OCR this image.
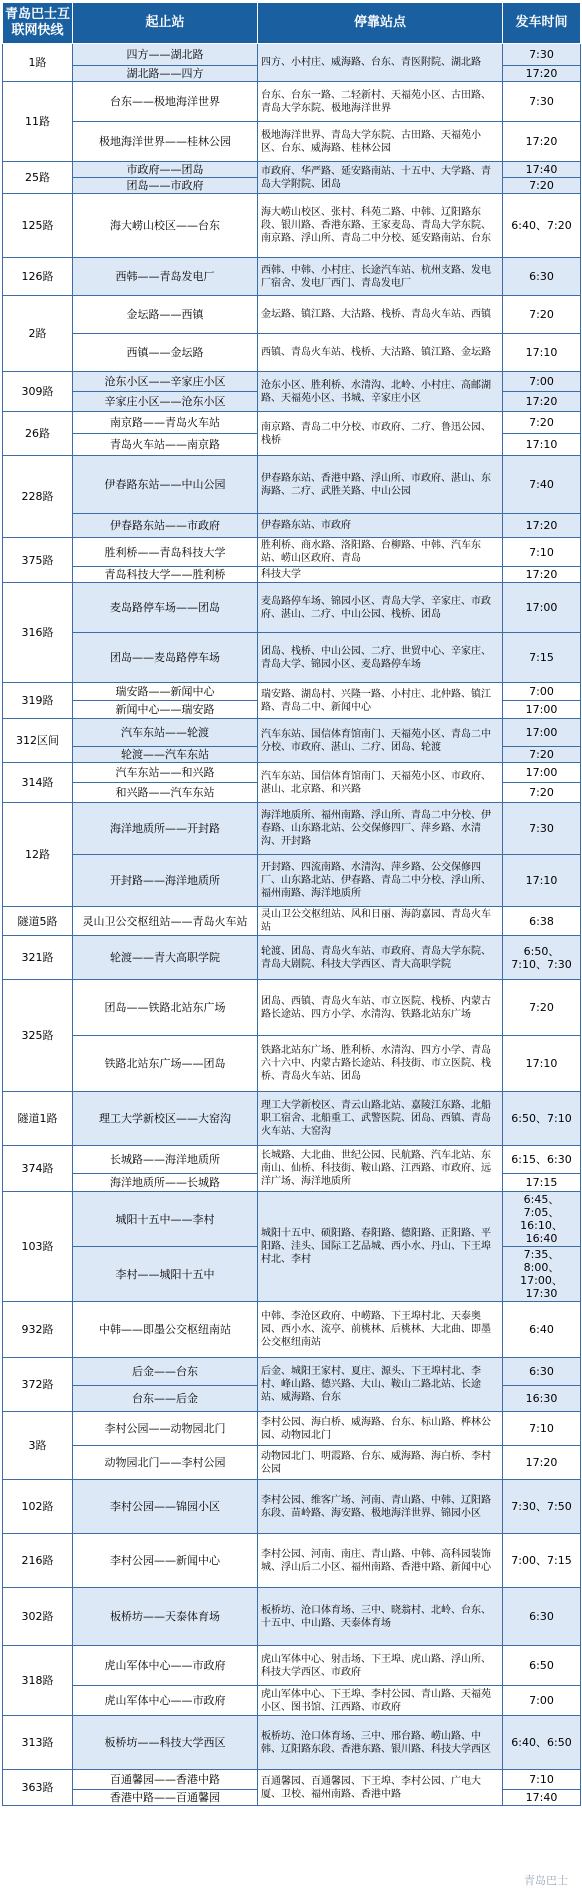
青岛巴士互联网快线	起止站	停靠站点	发车时间
1路	四方——湖北路	四方、小村庄、威海路、台东、青医附院、湖北路	7:30
	湖北路——四方		17:20
11路	台东——极地海洋世界	台东、台东一路、二轻新村、天福苑小区、古田路、青岛大学东院、极地海洋世界	7:30
	极地海洋世界——桂林公园	极地海洋世界、青岛大学东院、古田路、天福苑小区、台东、威海路、桂林公园	17:20
25路	市政府——团岛	市政府、华严路、延安路南站、十五中、大学路、青岛大学附院、团岛	17:40
	团岛——市政府		7:20
125路	海大崂山校区——台东	海大崂山校区、张村、科苑二路、中韩、辽阳路东段、银川路、香港东路、王家麦岛、青岛大学东院、南京路、浮山所、青岛二中分校、延安路南站、台东	6:40、7:20
126路	西韩——青岛发电厂	西韩、中韩、小村庄、长途汽车站、杭州支路、发电厂宿舍、发电厂西门、青岛发电厂	6:30
2路	金坛路——西镇	金坛路、镇江路、大沽路、栈桥、青岛火车站、西镇	7:20
	西镇——金坛路	西镇、青岛火车站、栈桥、大沽路、镇江路、金坛路	17:10
309路	沧东小区——辛家庄小区	沧东小区、胜利桥、水清沟、北岭、小村庄、高邮湖路、天福苑小区、书城、辛家庄小区	7:00
	辛家庄小区——沧东小区		17:20
26路	南京路——青岛火车站	南京路、青岛二中分校、市政府、二疗、鲁迅公园、栈桥	7:20
	青岛火车站——南京路		17:10
228路	伊春路东站——中山公园	伊春路东站、香港中路、浮山所、市政府、湛山、东海路、二疗、武胜关路、中山公园	7:40
	伊春路东站——市政府	伊春路东站、市政府	17:20
375路	胜利桥——青岛科技大学	胜利桥、商水路、洛阳路、台柳路、中韩、汽车东站、崂山区政府、青岛	7:10
	青岛科技大学——胜利桥	科技大学	17:20
316路	麦岛路停车场——团岛	麦岛路停车场、锦园小区、青岛大学、辛家庄、市政府、湛山、二疗、中山公园、栈桥、团岛	17:00
	团岛——麦岛路停车场	团岛、栈桥、中山公园、二疗、世贸中心、辛家庄、青岛大学、锦园小区、麦岛路停车场	7:15
319路	瑞安路——新闻中心	瑞安路、湖岛村、兴隆一路、小村庄、北仲路、镇江路、青岛二中、新闻中心	7:00
	新闻中心——瑞安路		17:00
312区间	汽车东站——轮渡	汽车东站、国信体育馆南门、天福苑小区、青岛二中分校、市政府、湛山、二疗、团岛、轮渡	17:00
	轮渡——汽车东站		7:20
314路	汽车东站——和兴路	汽车东站、国信体育馆南门、天福苑小区、市政府、湛山、北京路、和兴路	17:00
	和兴路——汽车东站		7:20
12路	海洋地质所——开封路	海洋地质所、福州南路、浮山所、青岛二中分校、伊春路、山东路北站、公交保修四厂、萍乡路、水清沟、开封路	7:30
	开封路——海洋地质所	开封路、四流南路、水清沟、萍乡路、公交保修四厂、山东路北站、伊春路、青岛二中分校、浮山所、福州南路、海洋地质所	17:10
隧道5路	灵山卫公交枢纽站——青岛火车站	灵山卫公交枢纽站、风和日丽、海韵嘉园、青岛火车站	6:38
321路	轮渡——青大高职学院	轮渡、团岛、青岛火车站、市政府、青岛大学东院、青岛大剧院、科技大学西区、青大高职学院	6:50、7:10、7:30
325路	团岛——铁路北站东广场	团岛、西镇、青岛火车站、市立医院、栈桥、内蒙古路长途站、四方小学、水清沟、铁路北站东广场	7:20
	铁路北站东广场——团岛	铁路北站东广场、胜利桥、水清沟、四方小学、青岛六十六中、内蒙古路长途站、科技街、市立医院、栈桥、青岛火车站、团岛	17:10
隧道1路	理工大学新校区——大窑沟	理工大学新校区、青云山路北站、嘉陵江东路、北船职工宿舍、北船重工、武警医院、团岛、西镇、青岛火车站、大窑沟	6:50、7:10
374路	长城路——海洋地质所	长城路、大北曲、世纪公园、民航路、汽车北站、东南山、仙桥、科技街、鞍山路、江西路、市政府、远洋广场、海洋地质所	6:15、6:30
	海洋地质所——长城路		17:15
103路	城阳十五中——李村	城阳十五中、硕阳路、春阳路、德阳路、正阳路、平阳路、洼头、国际工艺品城、西小水、丹山、下王埠村北、李村	6:45、7:05、16:10、16:40
	李村——城阳十五中		7:35、8:00、17:00、17:30
932路	中韩——即墨公交枢纽南站	中韩、李沧区政府、中崂路、下王埠村北、天泰奥园、西小水、流亭、前桃林、后桃林、大北曲、即墨公交枢纽南站	6:40
372路	后金——台东	后金、城阳王家村、夏庄、源头、下王埠村北、李村、峰山路、德兴路、大山、鞍山二路北站、长途站、威海路、台东	6:30
	台东——后金		16:30
3路	李村公园——动物园北门	李村公园、海白桥、威海路、台东、标山路、桦林公园、动物园北门	7:10
	动物园北门——李村公园	动物园北门、明霞路、台东、威海路、海白桥、李村公园	17:20
102路	李村公园——锦园小区	李村公园、维客广场、河南、青山路、中韩、辽阳路东段、苗岭路、海安路、极地海洋世界、锦园小区	7:30、7:50
216路	李村公园——新闻中心	李村公园、河南、南庄、青山路、中韩、高科园装饰城、浮山后二小区、福州南路、香港中路、新闻中心	7:00、7:15
302路	板桥坊——天泰体育场	板桥坊、沧口体育场、三中、晓翁村、北岭、台东、十五中、中山路、天泰体育场	6:30
318路	虎山军体中心——市政府	虎山军体中心、射击场、下王埠、虎山路、浮山所、科技大学西区、市政府	6:50
	虎山军体中心——市政府	虎山军体中心、下王埠、李村公园、青山路、天福苑小区、图书馆、江西路、市政府	7:00
313路	板桥坊——科技大学西区	板桥坊、沧口体育场、三中、邢台路、崂山路、中韩、辽阳路东段、香港东路、银川路、科技大学西区	6:40、6:50
363路	百通馨园——香港中路	百通馨园、百通馨园、下王埠、李村公园、广电大厦、卫校、福州南路、香港中路	7:10
	香港中路——百通馨园		17:40
青岛巴士
